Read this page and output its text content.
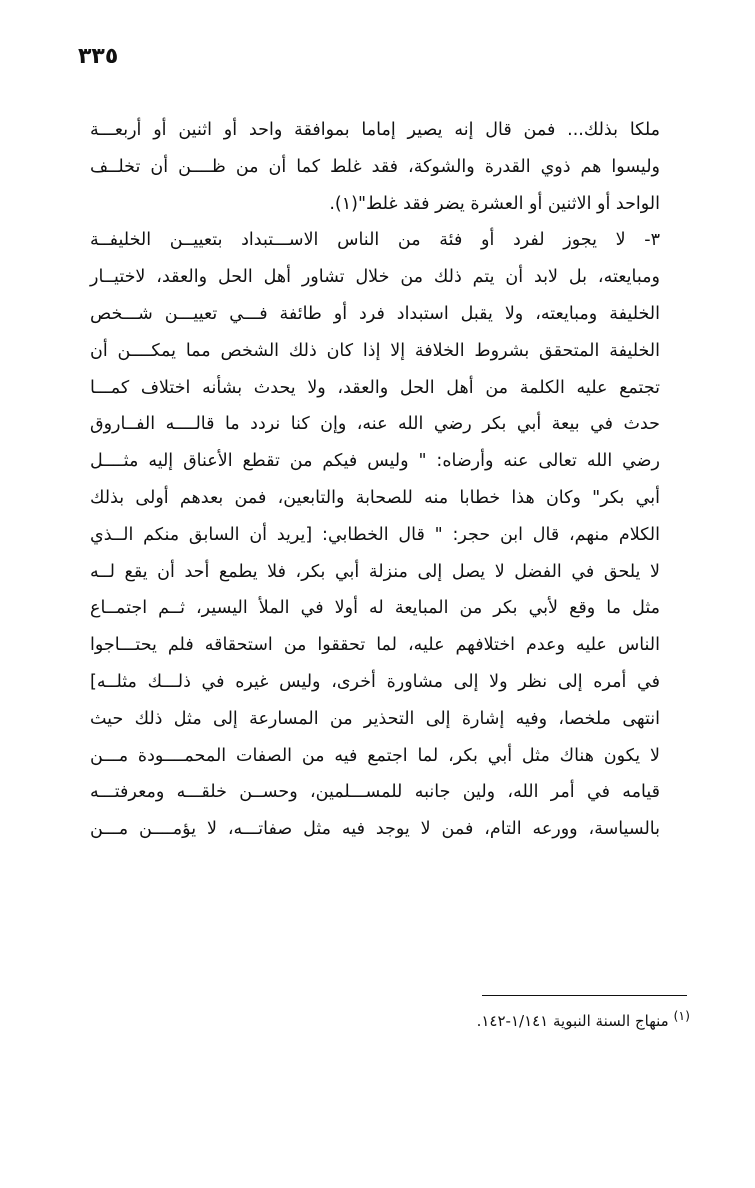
٣٣٥
ملكا بذلك... فمن قال إنه يصير إماما بموافقة واحد أو اثنين أو أربعـــة
وليسوا هم ذوي القدرة والشوكة، فقد غلط كما أن من ظــــن أن تخلــف
الواحد أو الاثنين أو العشرة يضر فقد غلط"(١).
٣- لا يجوز لفرد أو فئة من الناس الاســـتبداد بتعييــن الخليفــة
ومبايعته، بل لابد أن يتم ذلك من خلال تشاور أهل الحل والعقد، لاختيــار
الخليفة ومبايعته، ولا يقبل استبداد فرد أو طائفة فـــي تعييـــن شـــخص
الخليفة المتحقق بشروط الخلافة إلا إذا كان ذلك الشخص مما يمكــــن أن
تجتمع عليه الكلمة من أهل الحل والعقد، ولا يحدث بشأنه اختلاف كمـــا
حدث في بيعة أبي بكر رضي الله عنه، وإن كنا نردد ما قالــــه الفــاروق
رضي الله تعالى عنه وأرضاه: " وليس فيكم من تقطع الأعناق إليه مثــــل
أبي بكر" وكان هذا خطابا منه للصحابة والتابعين، فمن بعدهم أولى بذلك
الكلام منهم، قال ابن حجر: " قال الخطابي: [يريد أن السابق منكم الــذي
لا يلحق في الفضل لا يصل إلى منزلة أبي بكر، فلا يطمع أحد أن يقع لــه
مثل ما وقع لأبي بكر من المبايعة له أولا في الملأ اليسير، ثــم اجتمــاع
الناس عليه وعدم اختلافهم عليه، لما تحققوا من استحقاقه فلم يحتـــاجوا
في أمره إلى نظر ولا إلى مشاورة أخرى، وليس غيره في ذلـــك مثلــه]
انتهى ملخصا، وفيه إشارة إلى التحذير من المسارعة إلى مثل ذلك حيث
لا يكون هناك مثل أبي بكر، لما اجتمع فيه من الصفات المحمــــودة مـــن
قيامه في أمر الله، ولين جانبه للمســـلمين، وحســن خلقـــه ومعرفتـــه
بالسياسة، وورعه التام، فمن لا يوجد فيه مثل صفاتـــه، لا يؤمــــن مـــن
$^{(١)}$ منهاج السنة النبوية ١/١٤١-١٤٢.
